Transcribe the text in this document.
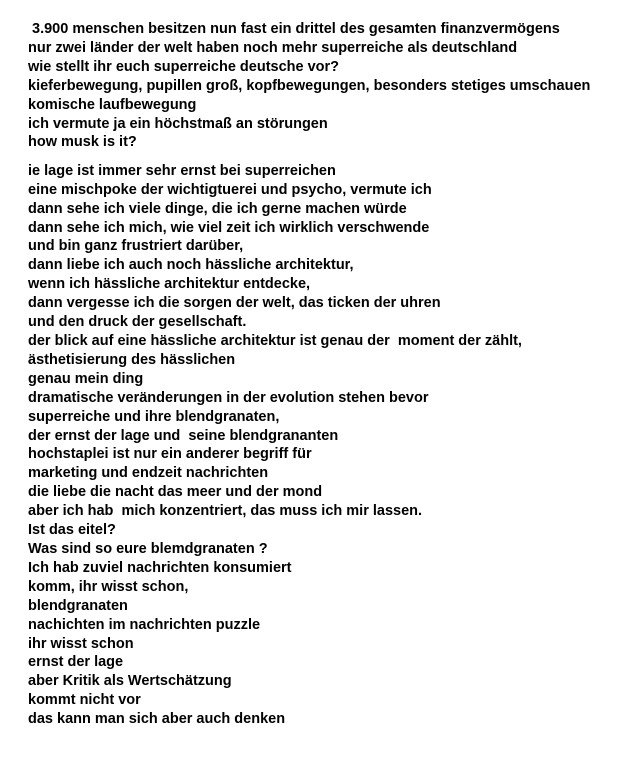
3.900 menschen besitzen nun fast ein drittel des gesamten finanzvermögens
nur zwei länder der welt haben noch mehr superreiche als deutschland
wie stellt ihr euch superreiche deutsche vor?
kieferbewegung, pupillen groß, kopfbewegungen, besonders stetiges umschauen
komische laufbewegung
ich vermute ja ein höchstmaß an störungen
how musk is it?
ie lage ist immer sehr ernst bei superreichen
eine mischpoke der wichtigtuerei und psycho, vermute ich
dann sehe ich viele dinge, die ich gerne machen würde
dann sehe ich mich, wie viel zeit ich wirklich verschwende
und bin ganz frustriert darüber,
dann liebe ich auch noch hässliche architektur,
wenn ich hässliche architektur entdecke,
dann vergesse ich die sorgen der welt, das ticken der uhren
und den druck der gesellschaft.
der blick auf eine hässliche architektur ist genau der  moment der zählt,
ästhetisierung des hässlichen
genau mein ding
dramatische veränderungen in der evolution stehen bevor
superreiche und ihre blendgranaten,
der ernst der lage und  seine blendgrananten
hochstaplei ist nur ein anderer begriff für
marketing und endzeit nachrichten
die liebe die nacht das meer und der mond
aber ich hab  mich konzentriert, das muss ich mir lassen.
Ist das eitel?
Was sind so eure blemdgranaten ?
Ich hab zuviel nachrichten konsumiert
komm, ihr wisst schon,
blendgranaten
nachichten im nachrichten puzzle
ihr wisst schon
ernst der lage
aber Kritik als Wertschätzung
kommt nicht vor
das kann man sich aber auch denken
